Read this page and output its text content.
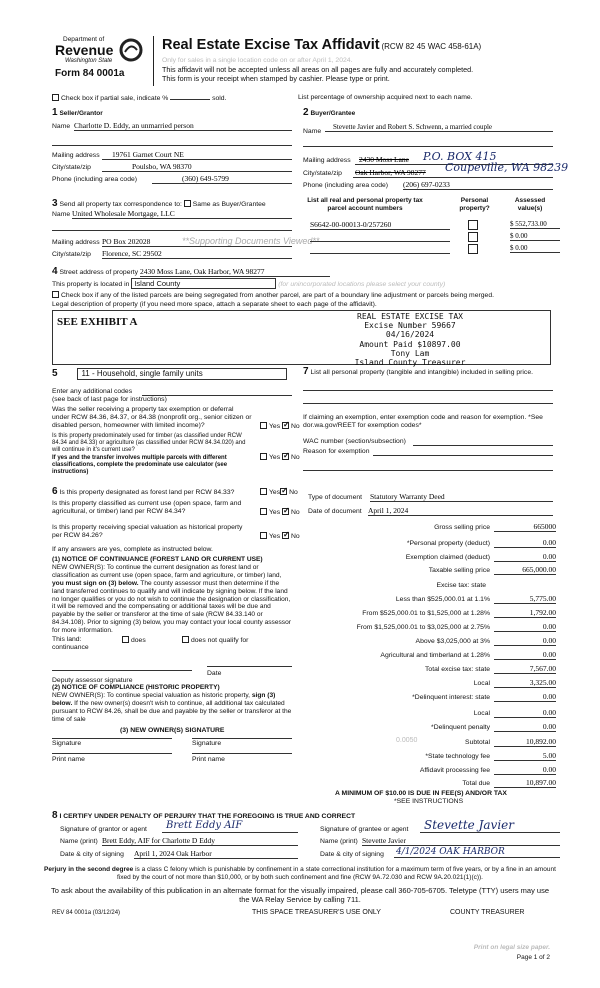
Department of
Revenue
Washington State
Form 84 0001a
Real Estate Excise Tax Affidavit (RCW 82 45 WAC 458-61A)
Only for sales in a single location code on or after April 1, 2024.
This affidavit will not be accepted unless all areas on all pages are fully and accurately completed.
This form is your receipt when stamped by cashier. Please type or print.
Check box if partial sale, indicate %	sold.	List percentage of ownership acquired next to each name.
1 Seller/Grantor
Name Charlotte D. Eddy, an unmarried person
Mailing address	19761 Garnet Court NE
City/state/zip	Poulsbo, WA 98370
Phone (including area code)	(360) 649-5799
2 Buyer/Grantee
Name
Stevette Javier and Robert S. Schwenn, a married couple
Mailing address 2430 Moss Lane P.O. BOX 415
City/state/zip Oak Harbor, WA 98277 Coupeville, WA 98239
Phone (including area code) (206) 697-0233
3 Send all property tax correspondence to: Same as Buyer/Grantee
Name United Wholesale Mortgage, LLC
Mailing address PO Box 202028	**Supporting Documents Viewed**
City/state/zip Florence, SC 29502
List all real and personal property tax parcel account numbers
Personal property?
Assessed value(s)
S6642-00-00013-0/257260	$ 552,733.00
$ 0.00
$ 0.00
4 Street address of property 2430 Moss Lane, Oak Harbor, WA 98277
This property is located in Island County	(for unincorporated locations please select your county)
Check box if any of the listed parcels are being segregated from another parcel, are part of a boundary line adjustment or parcels being merged.
Legal description of property (if you need more space, attach a separate sheet to each page of the affidavit).
SEE EXHIBIT A	REAL ESTATE EXCISE TAX
Excise Number 59667
04/16/2024
Amount Paid $10897.00
Tony Lam
Island County Treasurer
5	11 - Household, single family units
Enter any additional codes
(see back of last page for instructions)
Was the seller receiving a property tax exemption or deferral under RCW 84.36, 84.37, or 84.38 (nonprofit org., senior citizen or disabled person, homeowner with limited income)?	Yes ✓ No
Is this property predominately used for timber (as classified under RCW 84.34 and 84.33) or agriculture (as classified under RCW 84.34.020) and will continue in it's current use?
If yes and the transfer involves multiple parcels with different classifications, complete the predominate use calculator (see instructions)
Yes ✓ No
7 List all personal property (tangible and intangible) included in selling price.
If claiming an exemption, enter exemption code and reason for exemption. *See dor.wa.gov/REET for exemption codes*
WAC number (section/subsection)
Reason for exemption
6 Is this property designated as forest land per RCW 84.33?	Yes ✓ No
Is this property classified as current use (open space, farm and agricultural, or timber) land per RCW 84.34?	Yes ✓ No
Is this property receiving special valuation as historical property per RCW 84.26?	Yes ✓ No
If any answers are yes, complete as instructed below.
(1) NOTICE OF CONTINUANCE (FOREST LAND OR CURRENT USE)
NEW OWNER(S): To continue the current designation as forest land or classification as current use (open space, farm and agriculture, or timber) land, you must sign on (3) below. The county assessor must then determine if the land transferred continues to qualify and will indicate by signing below. If the land no longer qualifies or you do not wish to continue the designation or classification, it will be removed and the compensating or additional taxes will be due and payable by the seller or transferor at the time of sale (RCW 84.33.140 or 84.34.108). Prior to signing (3) below, you may contact your local county assessor for more information.
This land:	does	does not qualify for
continuance
Deputy assessor signature
Date
(2) NOTICE OF COMPLIANCE (HISTORIC PROPERTY)
NEW OWNER(S): To continue special valuation as historic property, sign (3) below. If the new owner(s) doesn't wish to continue, all additional tax calculated pursuant to RCW 84.26, shall be due and payable by the seller or transferor at the time of sale
(3) NEW OWNER(S) SIGNATURE
Signature	Signature
Print name	Print name
Type of document Statutory Warranty Deed
Date of document April 1, 2024
Gross selling price	665000
*Personal property (deduct)	0.00
Exemption claimed (deduct)	0.00
Taxable selling price	665,000.00
Excise tax: state
Less than $525,000.01 at 1.1%	5,775.00
From $525,000.01 to $1,525,000 at 1.28%	1,792.00
From $1,525,000.01 to $3,025,000 at 2.75%	0.00
Above $3,025,000 at 3%	0.00
Agricultural and timberland at 1.28%	0.00
Total excise tax: state	7,567.00
Local	3,325.00
*Delinquent interest: state	0.00
Local	0.00
*Delinquent penalty	0.00
Subtotal	10,892.00
*State technology fee	5.00
Affidavit processing fee	0.00
Total due	10,897.00
0.0050
A MINIMUM OF $10.00 IS DUE IN FEE(S) AND/OR TAX
*SEE INSTRUCTIONS
8 I CERTIFY UNDER PENALTY OF PERJURY THAT THE FOREGOING IS TRUE AND CORRECT
Signature of grantor or agent Brett Eddy AIF
Name (print) Brett Eddy, AIF for Charlotte D Eddy
Date & city of signing April 1, 2024 Oak Harbor
Signature of grantee or agent Stevette Javier
Name (print) Stevette Javier
Date & city of signing 4/1/2024 OAK HARBOR
Perjury in the second degree is a class C felony which is punishable by confinement in a state correctional institution for a maximum term of five years, or by a fine in an amount fixed by the court of not more than $10,000, or by both such confinement and fine (RCW 9A.72.030 and RCW 9A.20.021(1)(c)).
To ask about the availability of this publication in an alternate format for the visually impaired, please call 360-705-6705. Teletype (TTY) users may use the WA Relay Service by calling 711.
REV 84 0001a (03/12/24)	THIS SPACE TREASURER'S USE ONLY	COUNTY TREASURER
Print on legal size paper.
Page 1 of 2
